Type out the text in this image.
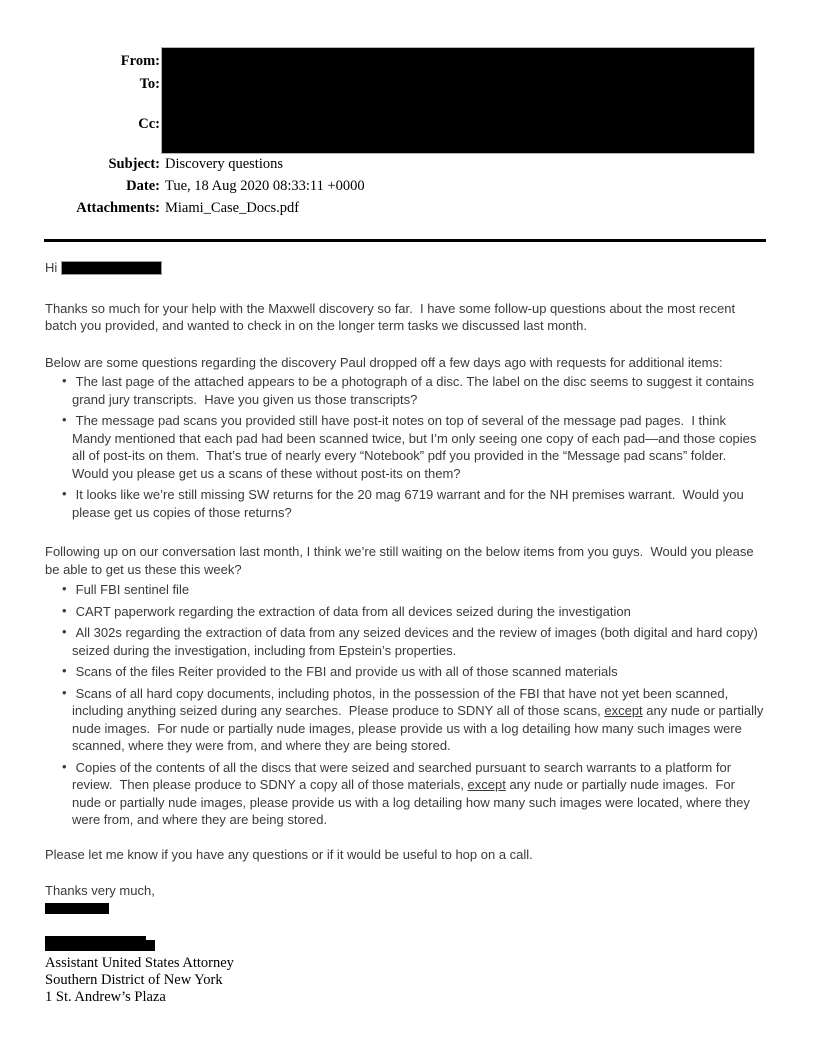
From:
To:
Cc:
Subject: Discovery questions
Date: Tue, 18 Aug 2020 08:33:11 +0000
Attachments: Miami_Case_Docs.pdf
Hi

Thanks so much for your help with the Maxwell discovery so far.  I have some follow-up questions about the most recent batch you provided, and wanted to check in on the longer term tasks we discussed last month.

Below are some questions regarding the discovery Paul dropped off a few days ago with requests for additional items:

• The last page of the attached appears to be a photograph of a disc. The label on the disc seems to suggest it contains grand jury transcripts.  Have you given us those transcripts?
• The message pad scans you provided still have post-it notes on top of several of the message pad pages.  I think Mandy mentioned that each pad had been scanned twice, but I’m only seeing one copy of each pad—and those copies all of post-its on them.  That’s true of nearly every “Notebook” pdf you provided in the “Message pad scans” folder.  Would you please get us a scans of these without post-its on them?
• It looks like we’re still missing SW returns for the 20 mag 6719 warrant and for the NH premises warrant.  Would you please get us copies of those returns?

Following up on our conversation last month, I think we’re still waiting on the below items from you guys.  Would you please be able to get us these this week?

• Full FBI sentinel file
• CART paperwork regarding the extraction of data from all devices seized during the investigation
• All 302s regarding the extraction of data from any seized devices and the review of images (both digital and hard copy) seized during the investigation, including from Epstein’s properties.
• Scans of the files Reiter provided to the FBI and provide us with all of those scanned materials
• Scans of all hard copy documents, including photos, in the possession of the FBI that have not yet been scanned, including anything seized during any searches.  Please produce to SDNY all of those scans, except any nude or partially nude images.  For nude or partially nude images, please provide us with a log detailing how many such images were scanned, where they were from, and where they are being stored.
• Copies of the contents of all the discs that were seized and searched pursuant to search warrants to a platform for review.  Then please produce to SDNY a copy all of those materials, except any nude or partially nude images.  For nude or partially nude images, please provide us with a log detailing how many such images were located, where they were from, and where they are being stored.

Please let me know if you have any questions or if it would be useful to hop on a call.

Thanks very much,

Assistant United States Attorney
Southern District of New York
1 St. Andrew’s Plaza
